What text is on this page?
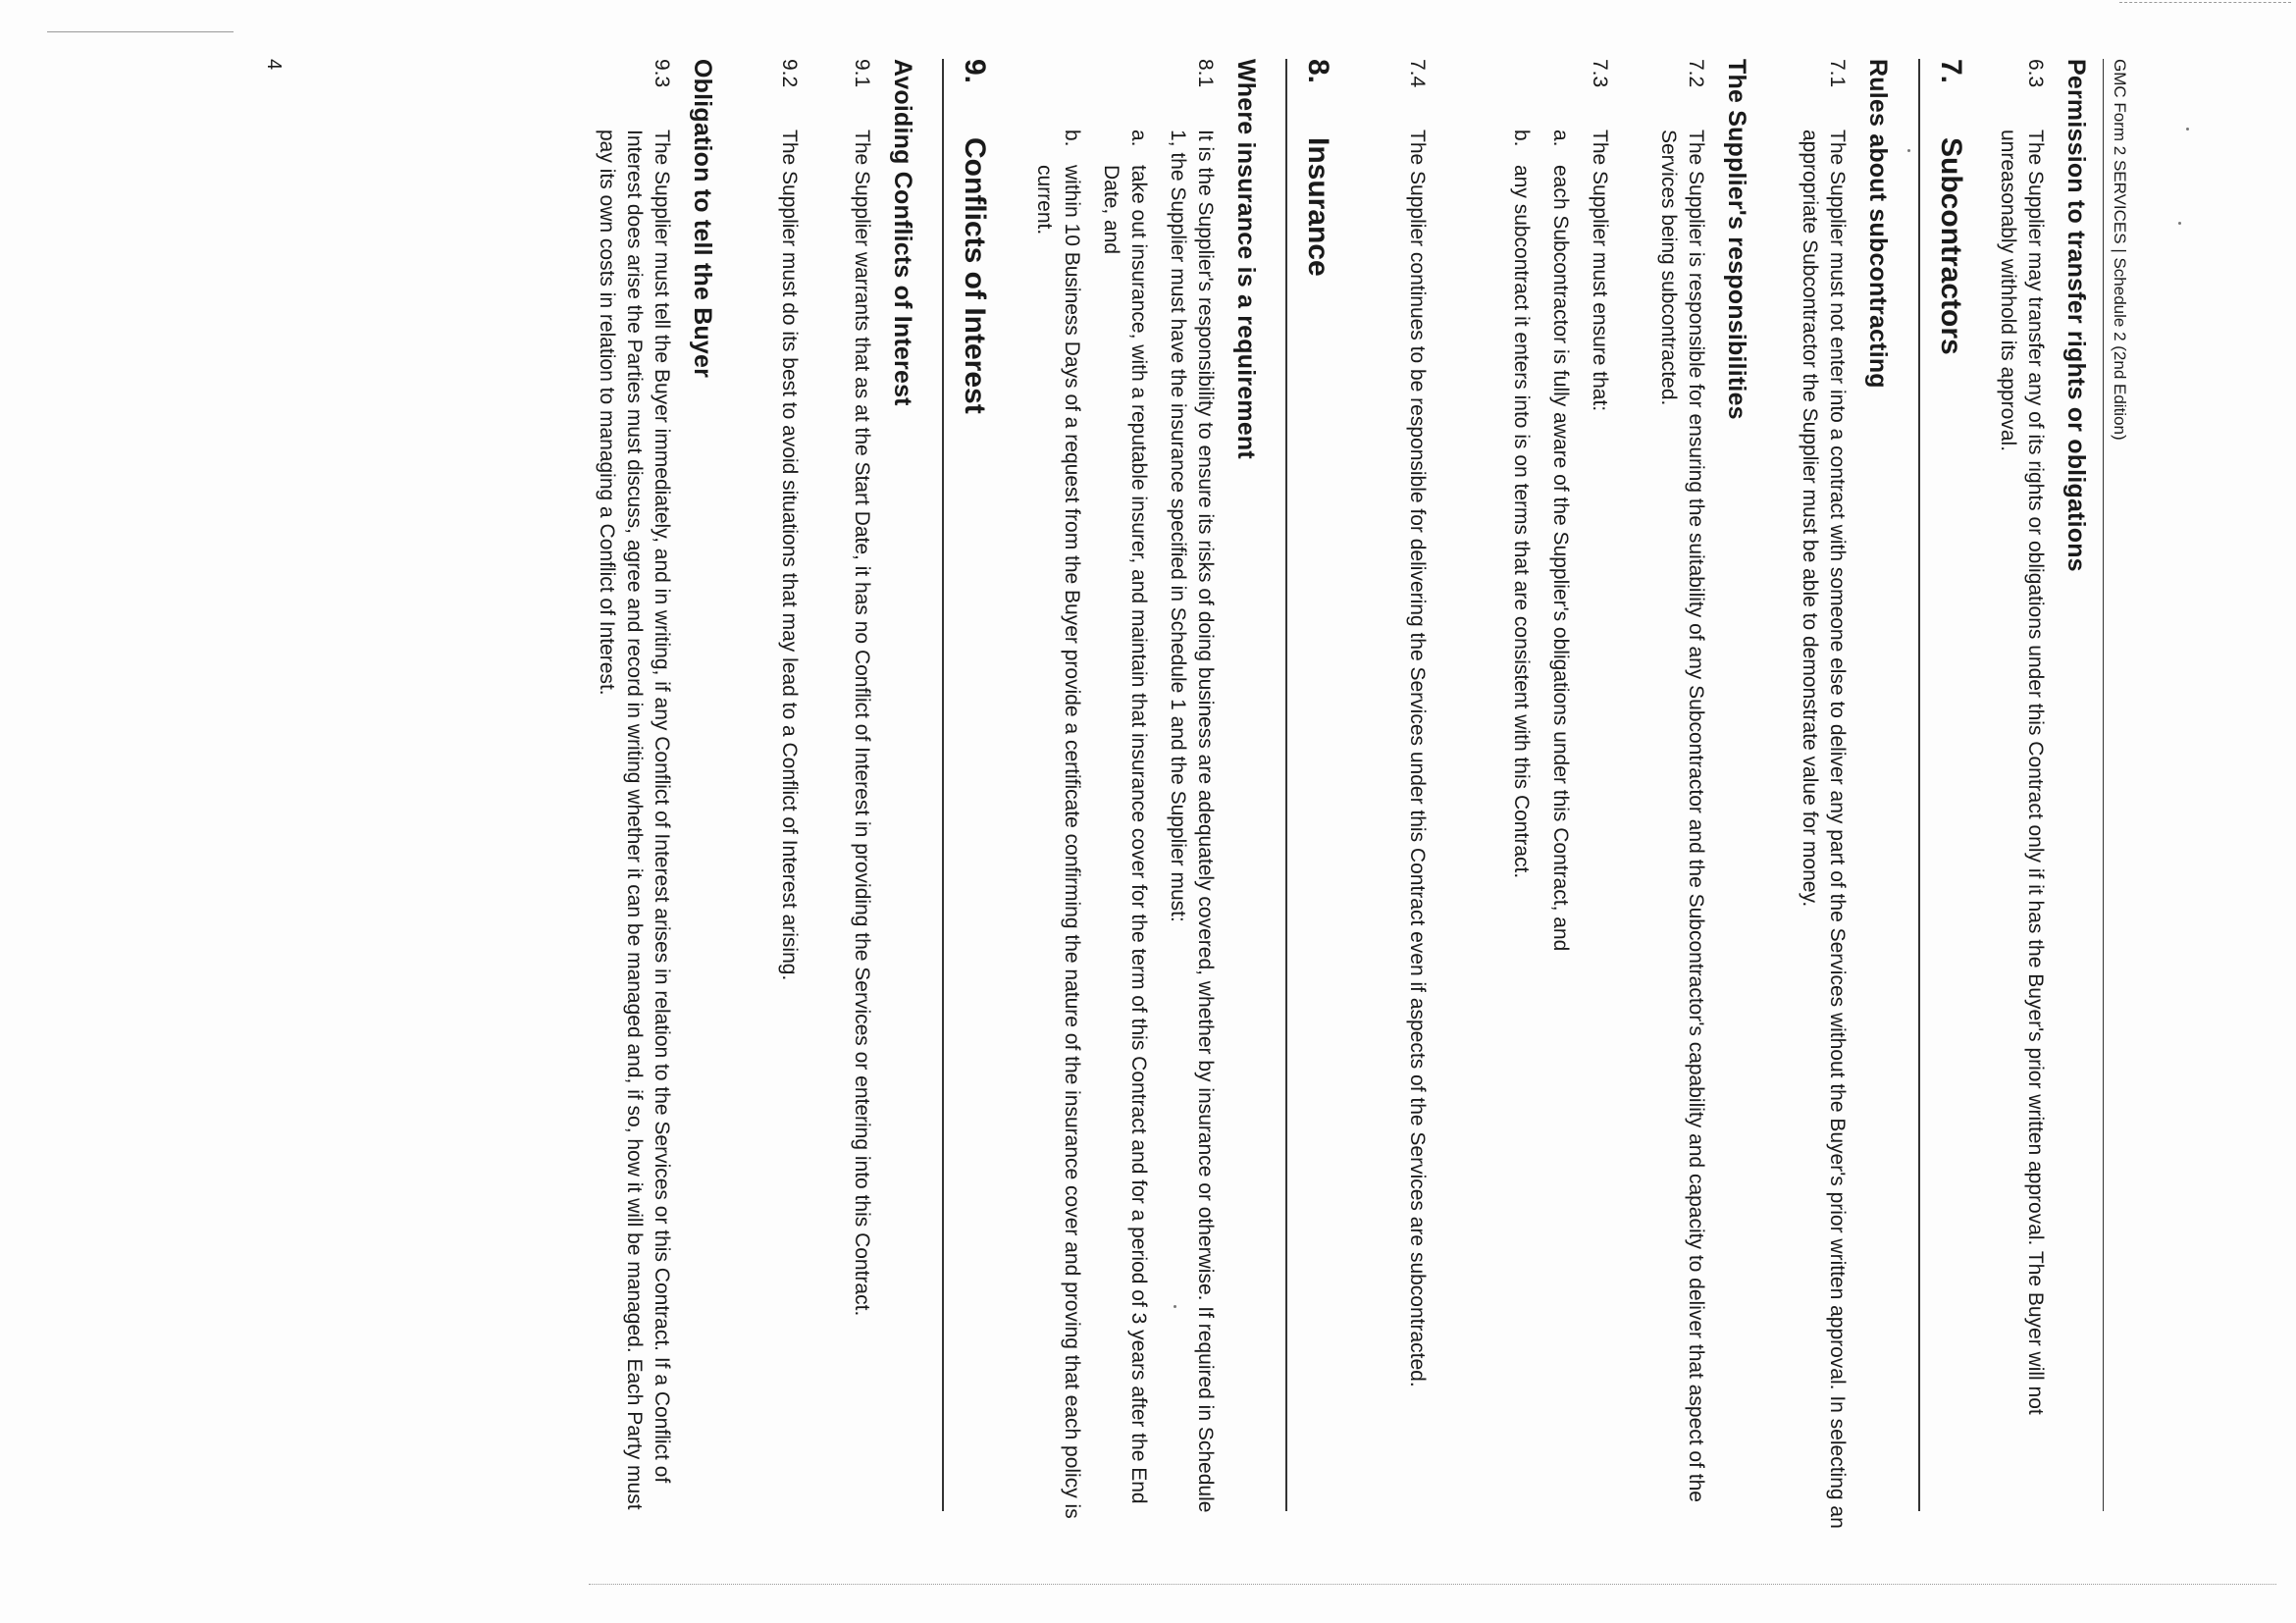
GMC Form 2 SERVICES | Schedule 2 (2nd Edition)
Permission to transfer rights or obligations
6.3
The Supplier may transfer any of its rights or obligations under this Contract only if it has the Buyer's prior written approval. The Buyer will not unreasonably withhold its approval.
7.
Subcontractors
Rules about subcontracting
7.1
The Supplier must not enter into a contract with someone else to deliver any part of the Services without the Buyer's prior written approval. In selecting an appropriate Subcontractor the Supplier must be able to demonstrate value for money.
The Supplier's responsibilities
7.2
The Supplier is responsible for ensuring the suitability of any Subcontractor and the Subcontractor's capability and capacity to deliver that aspect of the Services being subcontracted.
7.3
The Supplier must ensure that:
a.
each Subcontractor is fully aware of the Supplier's obligations under this Contract, and
b.
any subcontract it enters into is on terms that are consistent with this Contract.
7.4
The Supplier continues to be responsible for delivering the Services under this Contract even if aspects of the Services are subcontracted.
8.
Insurance
Where insurance is a requirement
8.1
It is the Supplier's responsibility to ensure its risks of doing business are adequately covered, whether by insurance or otherwise. If required in Schedule 1, the Supplier must have the insurance specified in Schedule 1 and the Supplier must:
a.
take out insurance, with a reputable insurer, and maintain that insurance cover for the term of this Contract and for a period of 3 years after the End Date, and
b.
within 10 Business Days of a request from the Buyer provide a certificate confirming the nature of the insurance cover and proving that each policy is current.
9.
Conflicts of Interest
Avoiding Conflicts of Interest
9.1
The Supplier warrants that as at the Start Date, it has no Conflict of Interest in providing the Services or entering into this Contract.
9.2
The Supplier must do its best to avoid situations that may lead to a Conflict of Interest arising.
Obligation to tell the Buyer
9.3
The Supplier must tell the Buyer immediately, and in writing, if any Conflict of Interest arises in relation to the Services or this Contract. If a Conflict of Interest does arise the Parties must discuss, agree and record in writing whether it can be managed and, if so, how it will be managed. Each Party must pay its own costs in relation to managing a Conflict of Interest.
4
